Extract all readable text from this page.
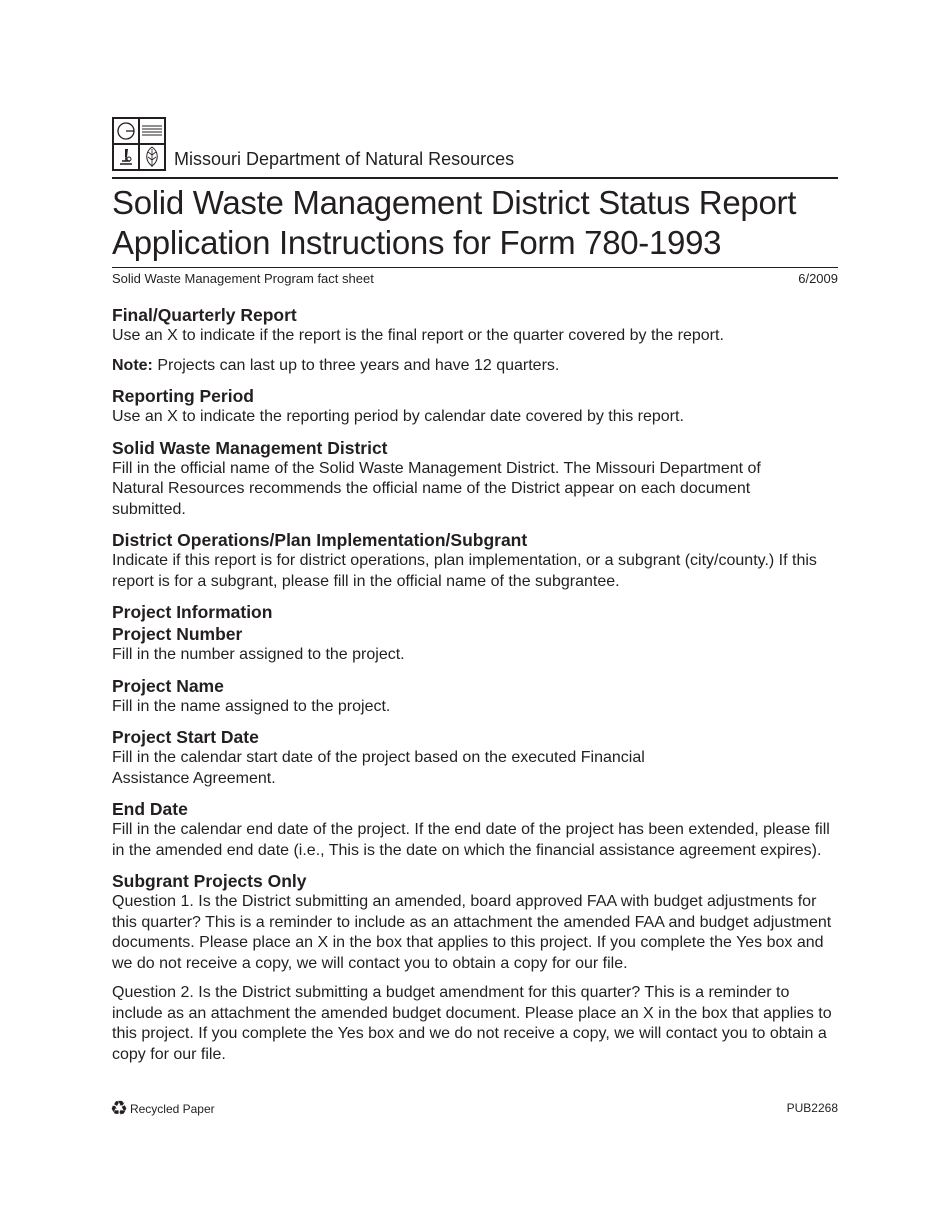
Missouri Department of Natural Resources
Solid Waste Management District Status Report
Application Instructions for Form 780-1993
Solid Waste Management Program fact sheet	6/2009
Final/Quarterly Report
Use an X to indicate if the report is the final report or the quarter covered by the report.
Note: Projects can last up to three years and have 12 quarters.
Reporting Period
Use an X to indicate the reporting period by calendar date covered by this report.
Solid Waste Management District
Fill in the official name of the Solid Waste Management District. The Missouri Department of Natural Resources recommends the official name of the District appear on each document submitted.
District Operations/Plan Implementation/Subgrant
Indicate if this report is for district operations, plan implementation, or a subgrant (city/county.) If this report is for a subgrant, please fill in the official name of the subgrantee.
Project Information
Project Number
Fill in the number assigned to the project.
Project Name
Fill in the name assigned to the project.
Project Start Date
Fill in the calendar start date of the project based on the executed Financial Assistance Agreement.
End Date
Fill in the calendar end date of the project. If the end date of the project has been extended, please fill in the amended end date (i.e., This is the date on which the financial assistance agreement expires).
Subgrant Projects Only
Question 1. Is the District submitting an amended, board approved FAA with budget adjustments for this quarter? This is a reminder to include as an attachment the amended FAA and budget adjustment documents. Please place an X in the box that applies to this project. If you complete the Yes box and we do not receive a copy, we will contact you to obtain a copy for our file.
Question 2. Is the District submitting a budget amendment for this quarter? This is a reminder to include as an attachment the amended budget document. Please place an X in the box that applies to this project. If you complete the Yes box and we do not receive a copy, we will contact you to obtain a copy for our file.
♻ Recycled Paper	PUB2268
